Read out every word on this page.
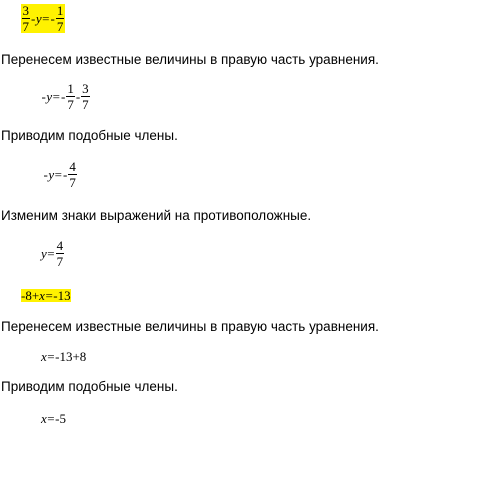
$\frac{3}{7}$ - y = - $\frac{1}{7}$
Перенесем известные величины в правую часть уравнения.
- y = - $\frac{1}{7} - \frac{3}{7}$
Приводим подобные члены.
- y = - $\frac{4}{7}$
Изменим знаки выражений на противоположные.
$y = \frac{4}{7}$
-8+ x = -13
Перенесем известные величины в правую часть уравнения.
x = -13+8
Приводим подобные члены.
x = -5
